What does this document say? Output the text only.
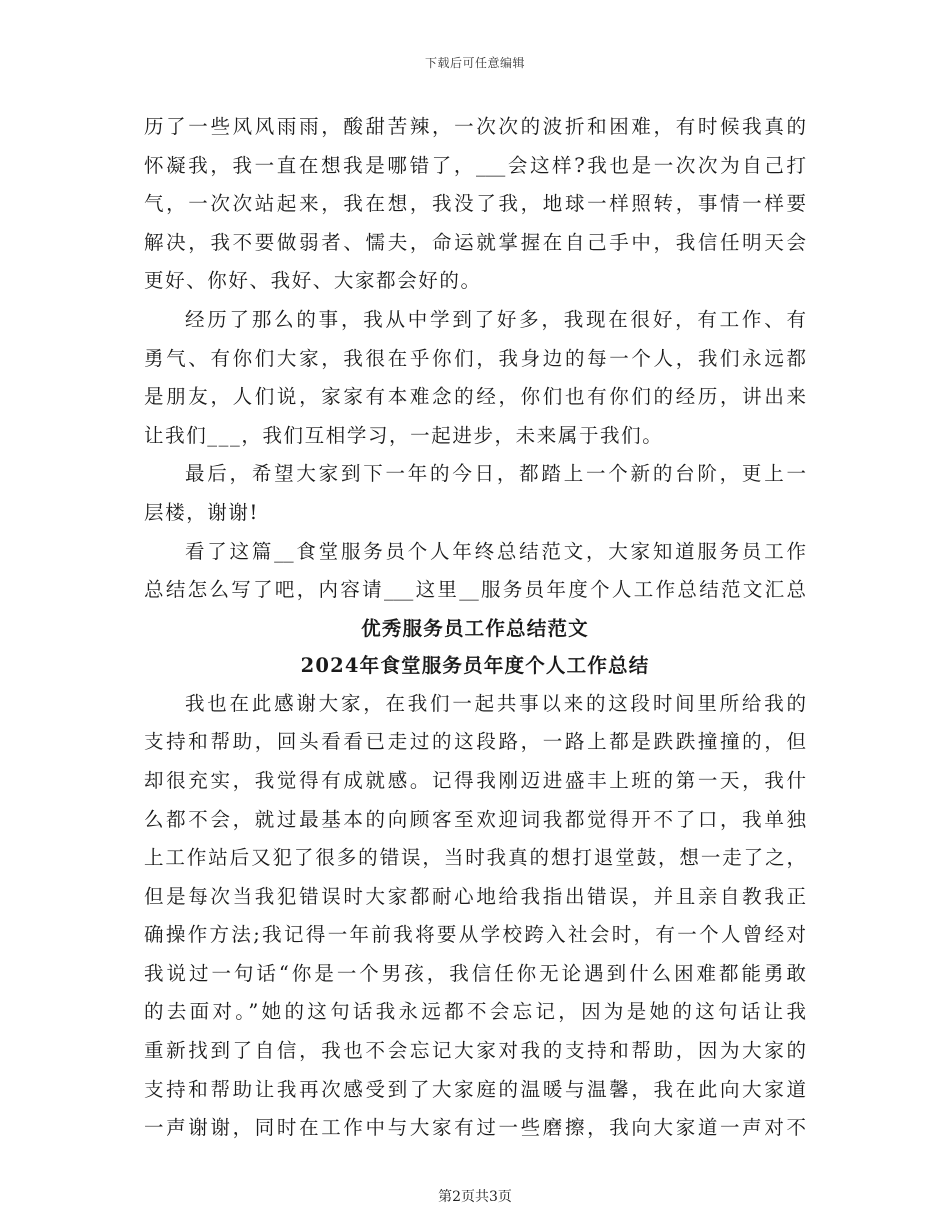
下载后可任意编辑
历了一些风风雨雨，酸甜苦辣，一次次的波折和困难，有时候我真的
怀凝我，我一直在想我是哪错了，___会这样?我也是一次次为自己打
气，一次次站起来，我在想，我没了我，地球一样照转，事情一样要
解决，我不要做弱者、懦夫，命运就掌握在自己手中，我信任明天会
更好、你好、我好、大家都会好的。
经历了那么的事，我从中学到了好多，我现在很好，有工作、有
勇气、有你们大家，我很在乎你们，我身边的每一个人，我们永远都
是朋友，人们说，家家有本难念的经，你们也有你们的经历，讲出来
让我们___，我们互相学习，一起进步，未来属于我们。
最后，希望大家到下一年的今日，都踏上一个新的台阶，更上一
层楼，谢谢!
看了这篇__食堂服务员个人年终总结范文，大家知道服务员工作
总结怎么写了吧，内容请___这里__服务员年度个人工作总结范文汇总
优秀服务员工作总结范文
2024年食堂服务员年度个人工作总结
我也在此感谢大家，在我们一起共事以来的这段时间里所给我的
支持和帮助，回头看看已走过的这段路，一路上都是跌跌撞撞的，但
却很充实，我觉得有成就感。记得我刚迈进盛丰上班的第一天，我什
么都不会，就过最基本的向顾客至欢迎词我都觉得开不了口，我单独
上工作站后又犯了很多的错误，当时我真的想打退堂鼓，想一走了之，
但是每次当我犯错误时大家都耐心地给我指出错误，并且亲自教我正
确操作方法;我记得一年前我将要从学校跨入社会时，有一个人曾经对
我说过一句话“你是一个男孩，我信任你无论遇到什么困难都能勇敢
的去面对。”她的这句话我永远都不会忘记，因为是她的这句话让我
重新找到了自信，我也不会忘记大家对我的支持和帮助，因为大家的
支持和帮助让我再次感受到了大家庭的温暖与温馨，我在此向大家道
一声谢谢，同时在工作中与大家有过一些磨擦，我向大家道一声对不
第2页共3页
